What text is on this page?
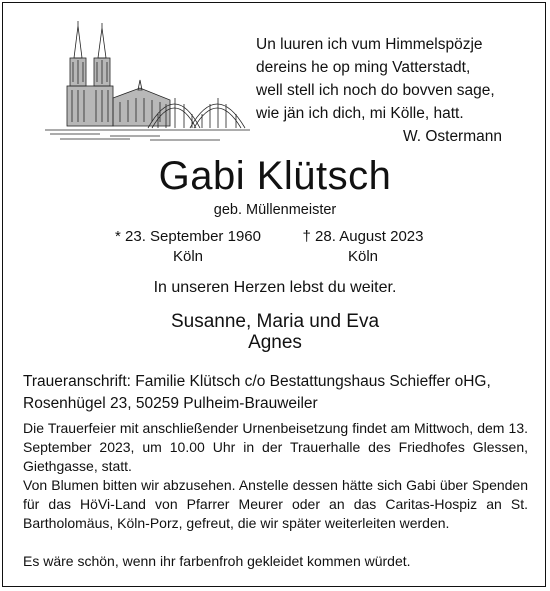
Un luuren ich vum Himmelspözje
dereins he op ming Vatterstadt,
well stell ich noch do bovven sage,
wie jän ich dich, mi Kölle, hatt.
W. Ostermann
Gabi Klütsch
geb. Müllenmeister
* 23. September 1960
Köln
† 28. August 2023
Köln
In unseren Herzen lebst du weiter.
Susanne, Maria und Eva
Agnes
Traueranschrift: Familie Klütsch c/o Bestattungshaus Schieffer oHG,
Rosenhügel 23, 50259 Pulheim-Brauweiler
Die Trauerfeier mit anschließender Urnenbeisetzung findet am Mittwoch, dem 13. September 2023, um 10.00 Uhr in der Trauerhalle des Friedhofes Glessen, Giethgasse, statt.
Von Blumen bitten wir abzusehen. Anstelle dessen hätte sich Gabi über Spenden für das HöVi-Land von Pfarrer Meurer oder an das Caritas-Hospiz an St. Bartholomäus, Köln-Porz, gefreut, die wir später weiterleiten werden.
Es wäre schön, wenn ihr farbenfroh gekleidet kommen würdet.
